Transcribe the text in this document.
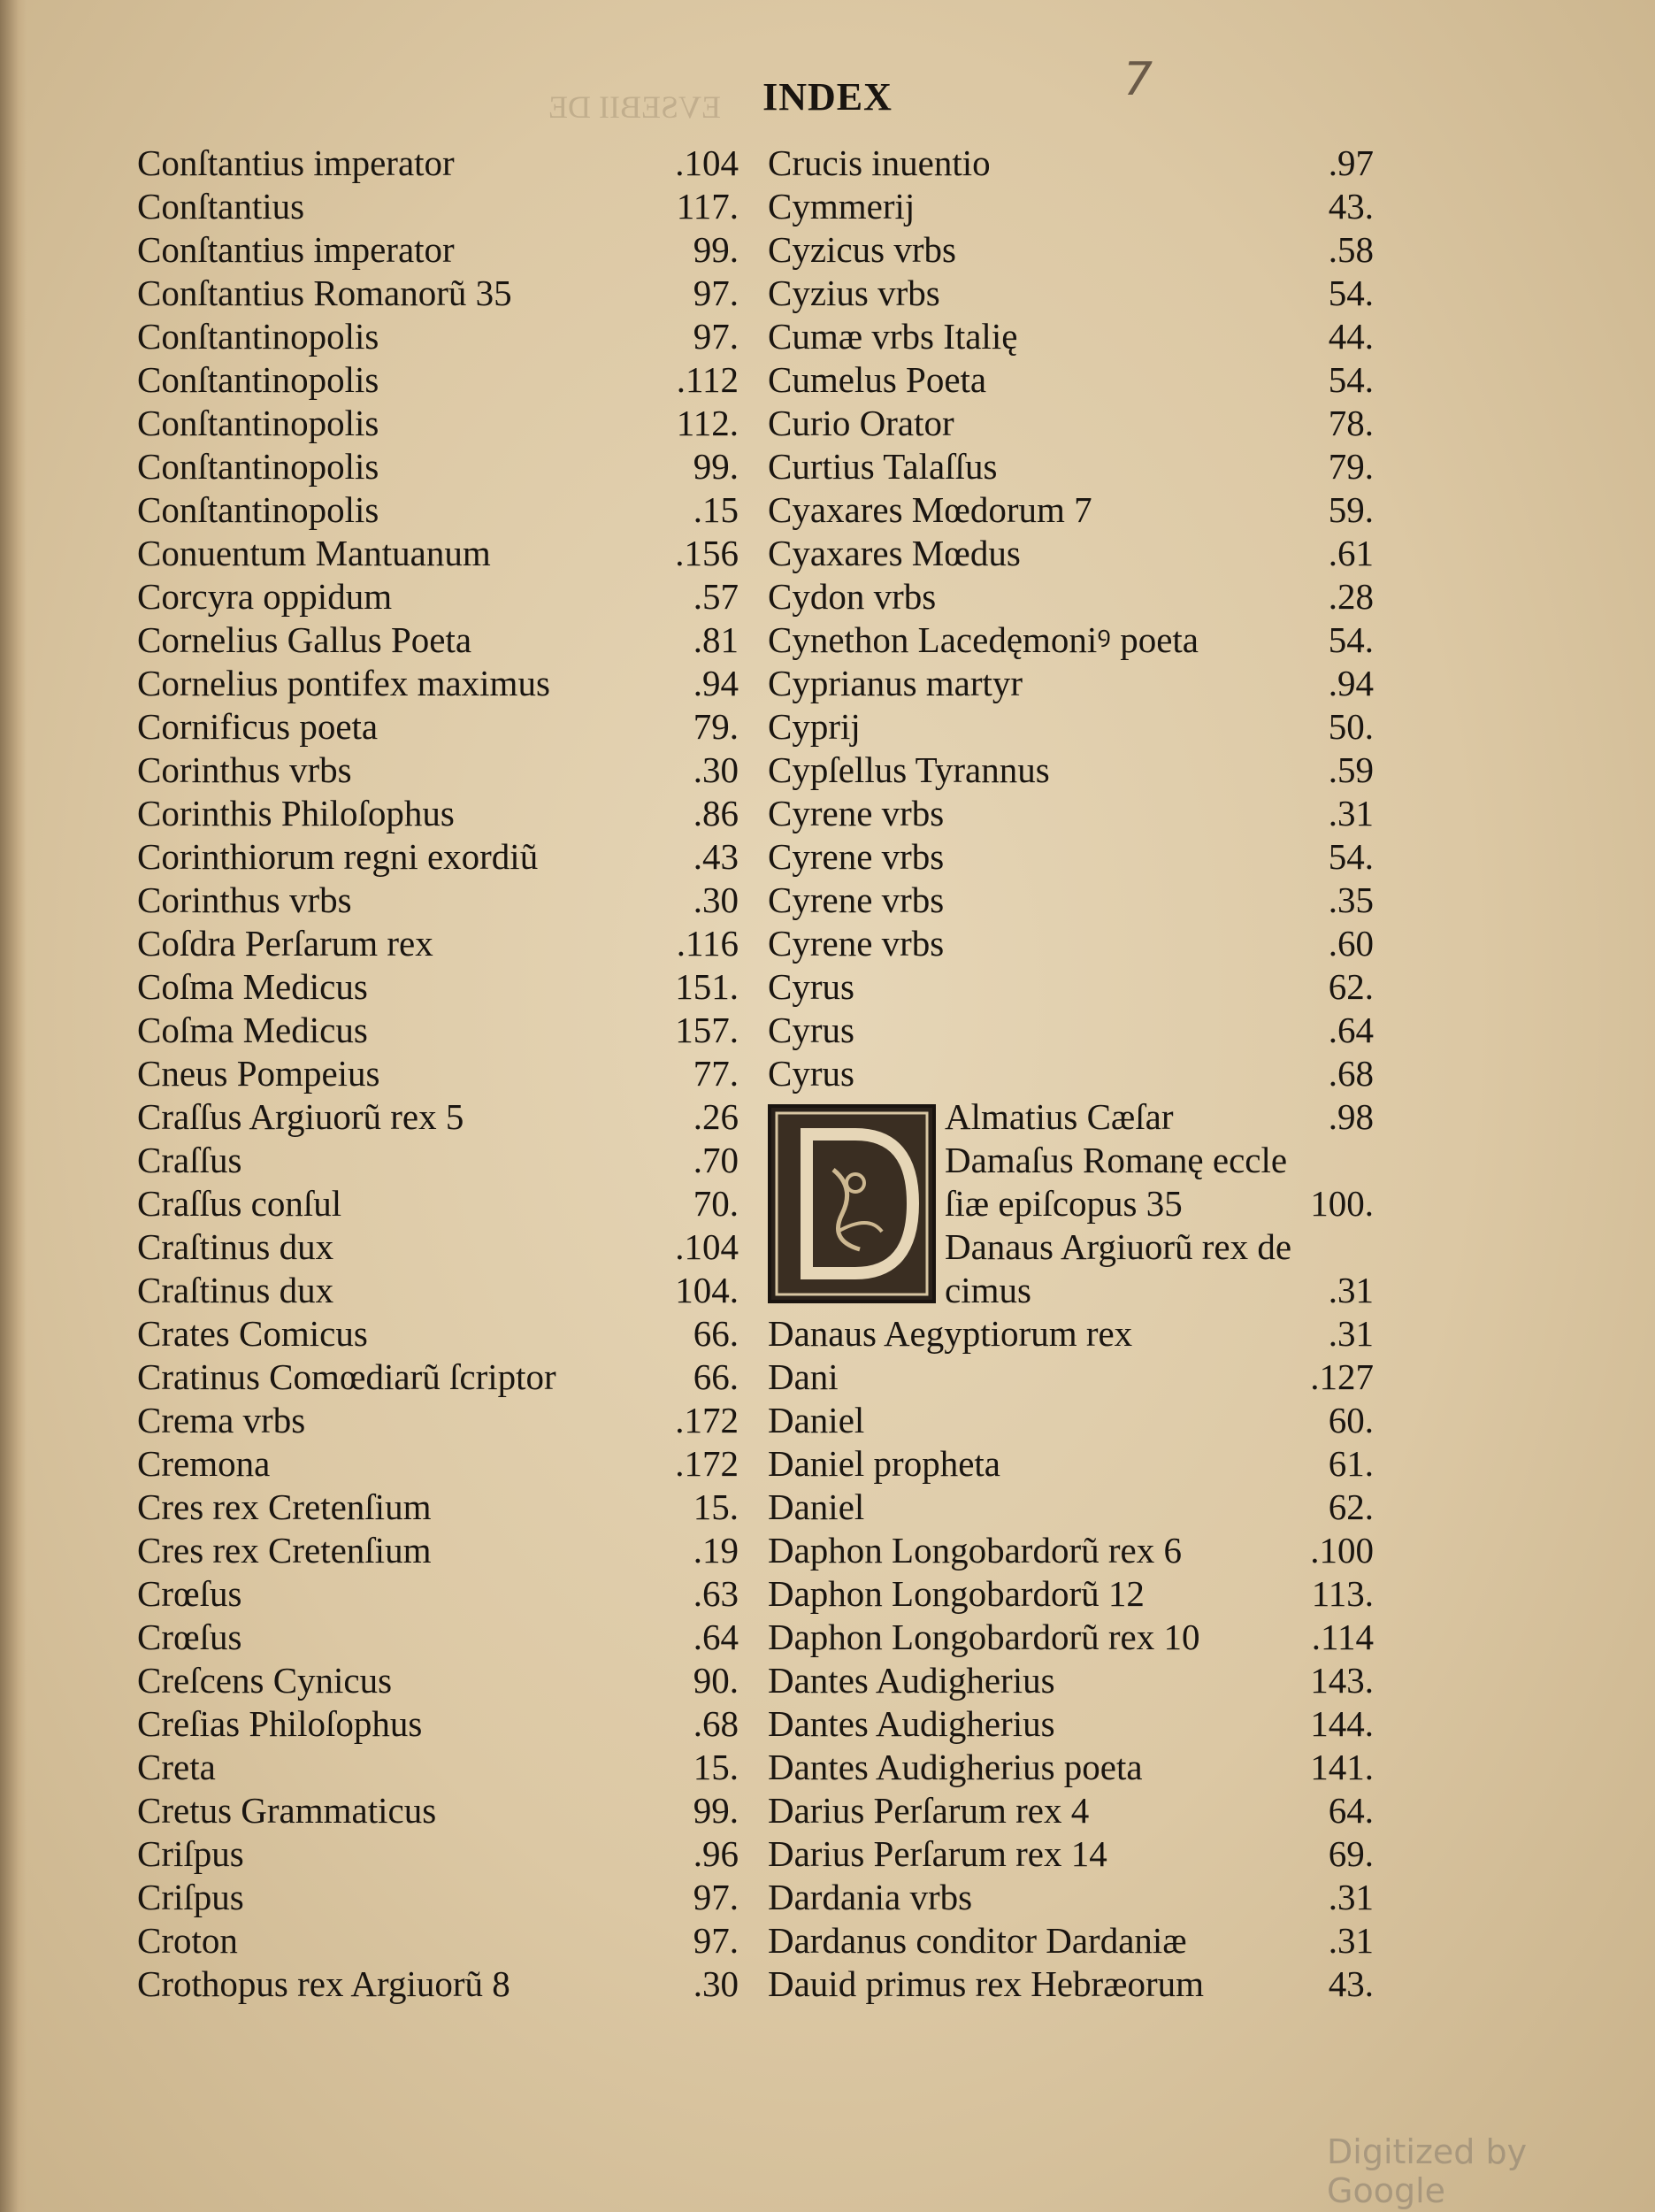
INDEX	7
Conſtantius imperator	.104
Conſtantius	117.
Conſtantius imperator	99.
Conſtantius Romanorũ 35	97.
Conſtantinopolis	97.
Conſtantinopolis	.112
Conſtantinopolis	112.
Conſtantinopolis	99.
Conſtantinopolis	.15
Conuentum Mantuanum	.156
Corcyra oppidum	.57
Cornelius Gallus Poeta	.81
Cornelius pontifex maximus	.94
Cornificus poeta	79.
Corinthus vrbs	.30
Corinthis Philoſophus	.86
Corinthiorum regni exordiũ	.43
Corinthus vrbs	.30
Coſdra Perſarum rex	.116
Coſma Medicus	151.
Coſma Medicus	157.
Cneus Pompeius	77.
Craſſus Argiuorũ rex 5	.26
Craſſus	.70
Craſſus conſul	70.
Craſtinus dux	.104
Craſtinus dux	104.
Crates Comicus	66.
Cratinus Comœdiarũ ſcriptor	66.
Crema vrbs	.172
Cremona	.172
Cres rex Cretenſium	15.
Cres rex Cretenſium	.19
Crœſus	.63
Crœſus	.64
Creſcens Cynicus	90.
Creſias Philoſophus	.68
Creta	15.
Cretus Grammaticus	99.
Criſpus	.96
Criſpus	97.
Croton	97.
Crothopus rex Argiuorũ 8	.30
Crucis inuentio	.97
Cymmerij	43.
Cyzicus vrbs	.58
Cyzius vrbs	54.
Cumæ vrbs Italię	44.
Cumelus Poeta	54.
Curio Orator	78.
Curtius Talaſſus	79.
Cyaxares Mœdorum 7	59.
Cyaxares Mœdus	.61
Cydon vrbs	.28
Cynethon Lacedęmoniꝰ poeta	54.
Cyprianus martyr	.94
Cyprij	50.
Cypſellus Tyrannus	.59
Cyrene vrbs	.31
Cyrene vrbs	54.
Cyrene vrbs	.35
Cyrene vrbs	.60
Cyrus	62.
Cyrus	.64
Cyrus	.68
Almatius Cæſar	.98
Damaſus Romanę eccle
ſiæ epiſcopus 35	100.
Danaus Argiuorũ rex de
cimus	.31
Danaus Aegyptiorum rex	.31
Dani	.127
Daniel	60.
Daniel propheta	61.
Daniel	62.
Daphon Longobardorũ rex 6	.100
Daphon Longobardorũ 12	113.
Daphon Longobardorũ rex 10	.114
Dantes Audigherius	143.
Dantes Audigherius	144.
Dantes Audigherius poeta	141.
Darius Perſarum rex 4	64.
Darius Perſarum rex 14	69.
Dardania vrbs	.31
Dardanus conditor Dardaniæ	.31
Dauid primus rex Hebræorum	43.
EVSEBII DE
Digitized by Google
